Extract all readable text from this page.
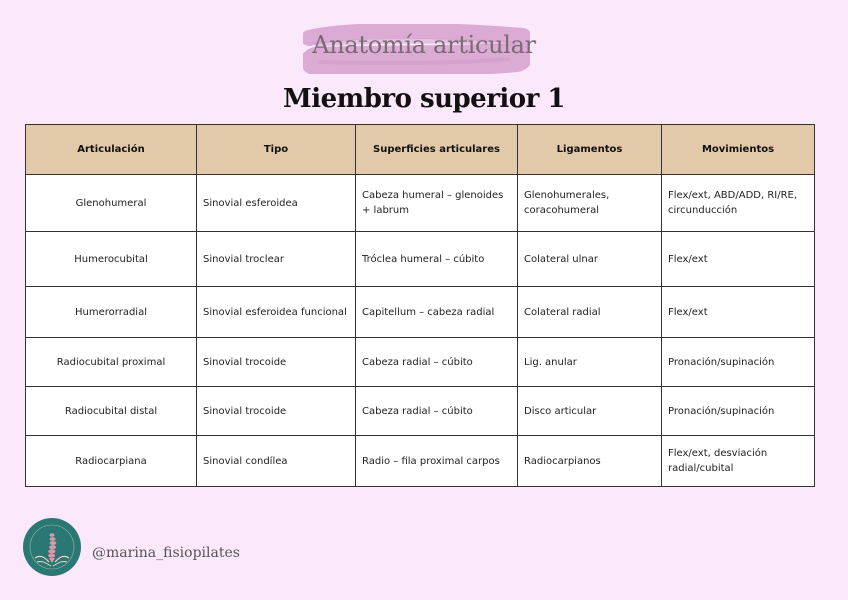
Anatomía articular
Miembro superior 1
Articulación	Tipo	Superficies articulares	Ligamentos	Movimientos
Glenohumeral	Sinovial esferoidea	Cabeza humeral – glenoides + labrum	Glenohumerales, coracohumeral	Flex/ext, ABD/ADD, RI/RE, circunducción
Humerocubital	Sinovial troclear	Tróclea humeral – cúbito	Colateral ulnar	Flex/ext
Humerorradial	Sinovial esferoidea funcional	Capitellum – cabeza radial	Colateral radial	Flex/ext
Radiocubital proximal	Sinovial trocoide	Cabeza radial – cúbito	Lig. anular	Pronación/supinación
Radiocubital distal	Sinovial trocoide	Cabeza radial – cúbito	Disco articular	Pronación/supinación
Radiocarpiana	Sinovial condílea	Radio – fila proximal carpos	Radiocarpianos	Flex/ext, desviación radial/cubital
@marina_fisiopilates
